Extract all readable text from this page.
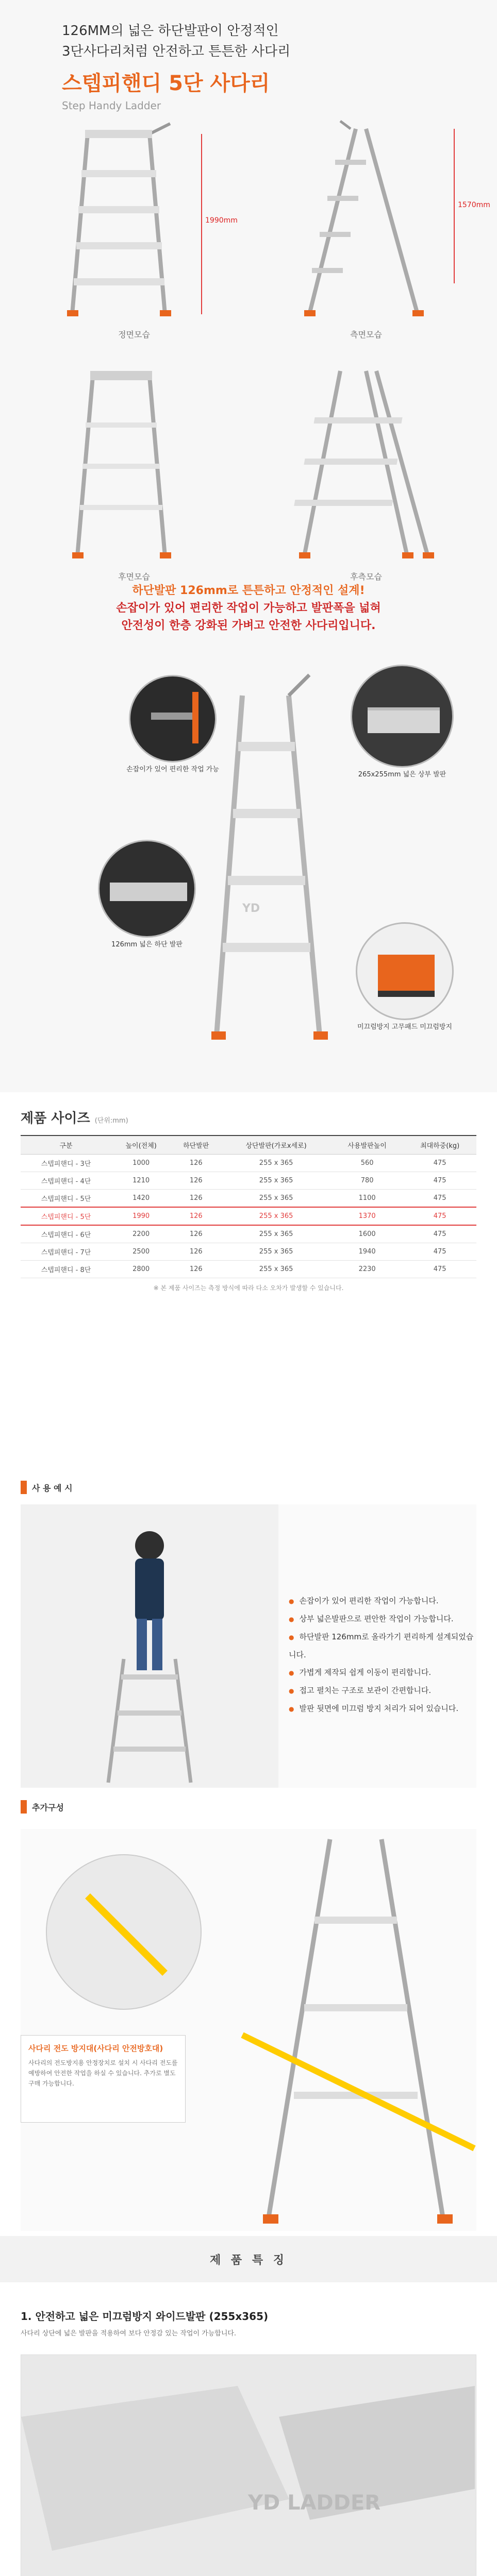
126MM의 넓은 하단발판이 안정적인
3단사다리처럼 안전하고 튼튼한 사다리
스텝피핸디 5단 사다리
Step Handy Ladder
1990mm
정면모습
1570mm
측면모습
후면모습	후측모습

하단발판 126mm로 튼튼하고 안정적인 설계!

손잡이가 있어 편리한 작업이 가능하고 발판폭을 넓혀

안전성이 한층 강화된 가벼고 안전한 사다리입니다.

YD
손잡이가 있어 편리한 작업 가능
265x255mm 넓은 상부 발판
126mm 넓은 하단 발판
미끄럼방지 고무패드 미끄럼방지
제품 사이즈 (단위:mm)
구분	높이(전체)	하단발판	상단발판(가로x세로)	사용발판높이	최대하중(kg)
스텝피핸디 - 3단	1000	126	255 x 365	560	475
스텝피핸디 - 4단	1210	126	255 x 365	780	475
스텝피핸디 - 5단	1420	126	255 x 365	1100	475
스텝피핸디 - 5단	1990	126	255 x 365	1370	475
스텝피핸디 - 6단	2200	126	255 x 365	1600	475
스텝피핸디 - 7단	2500	126	255 x 365	1940	475
스텝피핸디 - 8단	2800	126	255 x 365	2230	475
※ 본 제품 사이즈는 측정 방식에 따라 다소 오차가 발생할 수 있습니다.
사 용 예 시
● 손잡이가 있어 편리한 작업이 가능합니다.
● 상부 넓은발판으로 편안한 작업이 가능합니다.
● 하단발판 126mm로 올라가기 편리하게 설계되었습니다.
● 가볍게 제작되 쉽게 이동이 편리합니다.
● 접고 펼치는 구조로 보관이 간편합니다.
● 발판 뒷면에 미끄럼 방지 처리가 되어 있습니다.
추가구성
사다리 전도 방지대(사다리 안전방호대)

사다리의 전도방지용 안정장치로 설치 시 사다리 전도를 예방하여 안전한 작업을 하실 수 있습니다. 추가로 별도 구매 가능합니다.

제 품 특 징
1. 안전하고 넓은 미끄럼방지 와이드발판 (255x365)

사다리 상단에 넓은 발판을 적용하여 보다 안정감 있는 작업이 가능합니다.

YD LADDER
